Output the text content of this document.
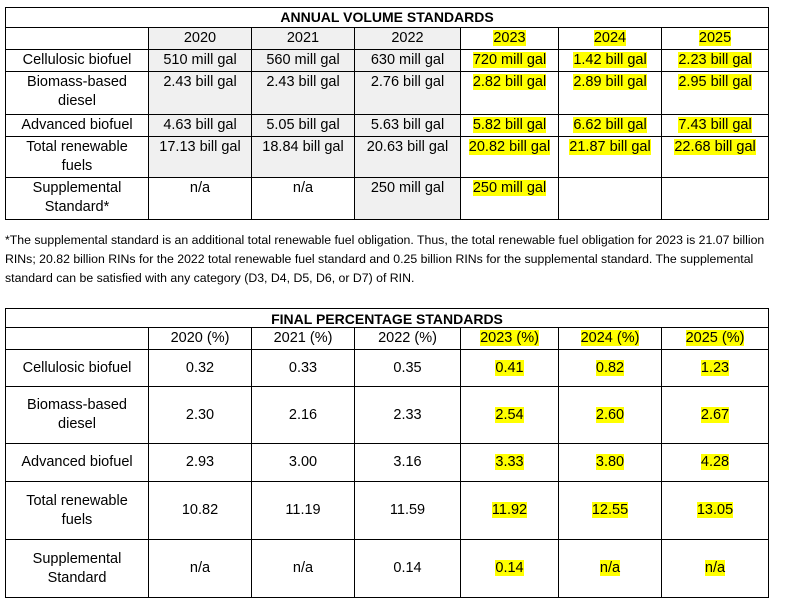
ANNUAL VOLUME STANDARDS						
	2020	2021	2022	2023	2024	2025
Cellulosic biofuel	510 mill gal	560 mill gal	630 mill gal	720 mill gal	1.42 bill gal	2.23 bill gal
Biomass-based diesel	2.43 bill gal	2.43 bill gal	2.76 bill gal	2.82 bill gal	2.89 bill gal	2.95 bill gal
Advanced biofuel	4.63 bill gal	5.05 bill gal	5.63 bill gal	5.82 bill gal	6.62 bill gal	7.43 bill gal
Total renewable fuels	17.13 bill gal	18.84 bill gal	20.63 bill gal	20.82 bill gal	21.87 bill gal	22.68 bill gal
Supplemental Standard*	n/a	n/a	250 mill gal	250 mill gal		

*The supplemental standard is an additional total renewable fuel obligation. Thus, the total renewable fuel obligation for 2023 is 21.07 billion RINs; 20.82 billion RINs for the 2022 total renewable fuel standard and 0.25 billion RINs for the supplemental standard. The supplemental standard can be satisfied with any category (D3, D4, D5, D6, or D7) of RIN.

FINAL PERCENTAGE STANDARDS						
	2020 (%)	2021 (%)	2022 (%)	2023 (%)	2024 (%)	2025 (%)
Cellulosic biofuel	0.32	0.33	0.35	0.41	0.82	1.23
Biomass-based diesel	2.30	2.16	2.33	2.54	2.60	2.67
Advanced biofuel	2.93	3.00	3.16	3.33	3.80	4.28
Total renewable fuels	10.82	11.19	11.59	11.92	12.55	13.05
Supplemental Standard	n/a	n/a	0.14	0.14	n/a	n/a
